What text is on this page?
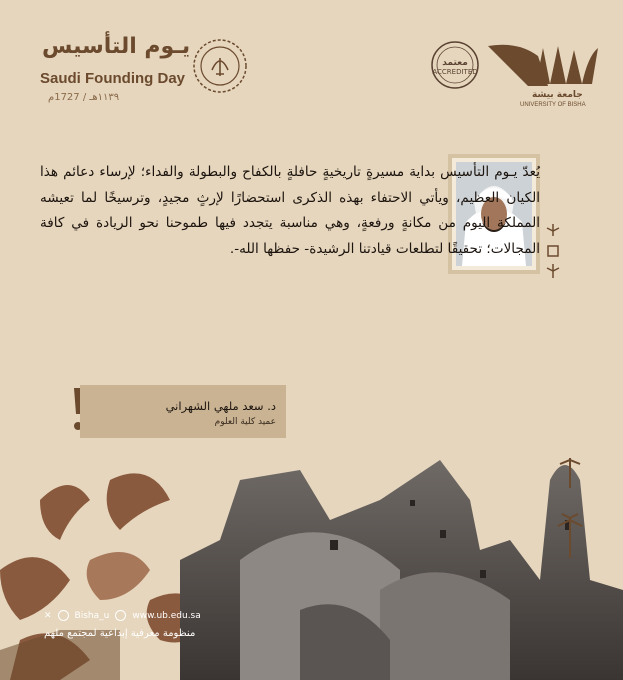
يـوم التأسيس
Saudi Founding Day
١١٣٩هـ / 1727م
معتمد
ACCREDITED
جامعة بيشة
UNIVERSITY OF BISHA
يُعدّ يـوم التأسيس بداية مسيرةٍ تاريخيةٍ حافلةٍ بالكفاح والبطولة والفداء؛ لإرساء دعائم هذا الكيان العظيم، ويأتي الاحتفاء بهذه الذكرى استحضارًا لإرثٍ مجيدٍ، وترسيخًا لما تعيشه المملكة اليوم من مكانةٍ ورفعةٍ، وهي مناسبة يتجدد فيها طموحنا نحو الريادة في كافة المجالات؛ تحقيقًا لتطلعات قيادتنا الرشيدة- حفظها الله-.
د. سعد ملهي الشهراني
عميد كلية العلوم
✕	Bisha_u	www.ub.edu.sa
منظومة معرفية إبداعية لمجتمع ملهم
